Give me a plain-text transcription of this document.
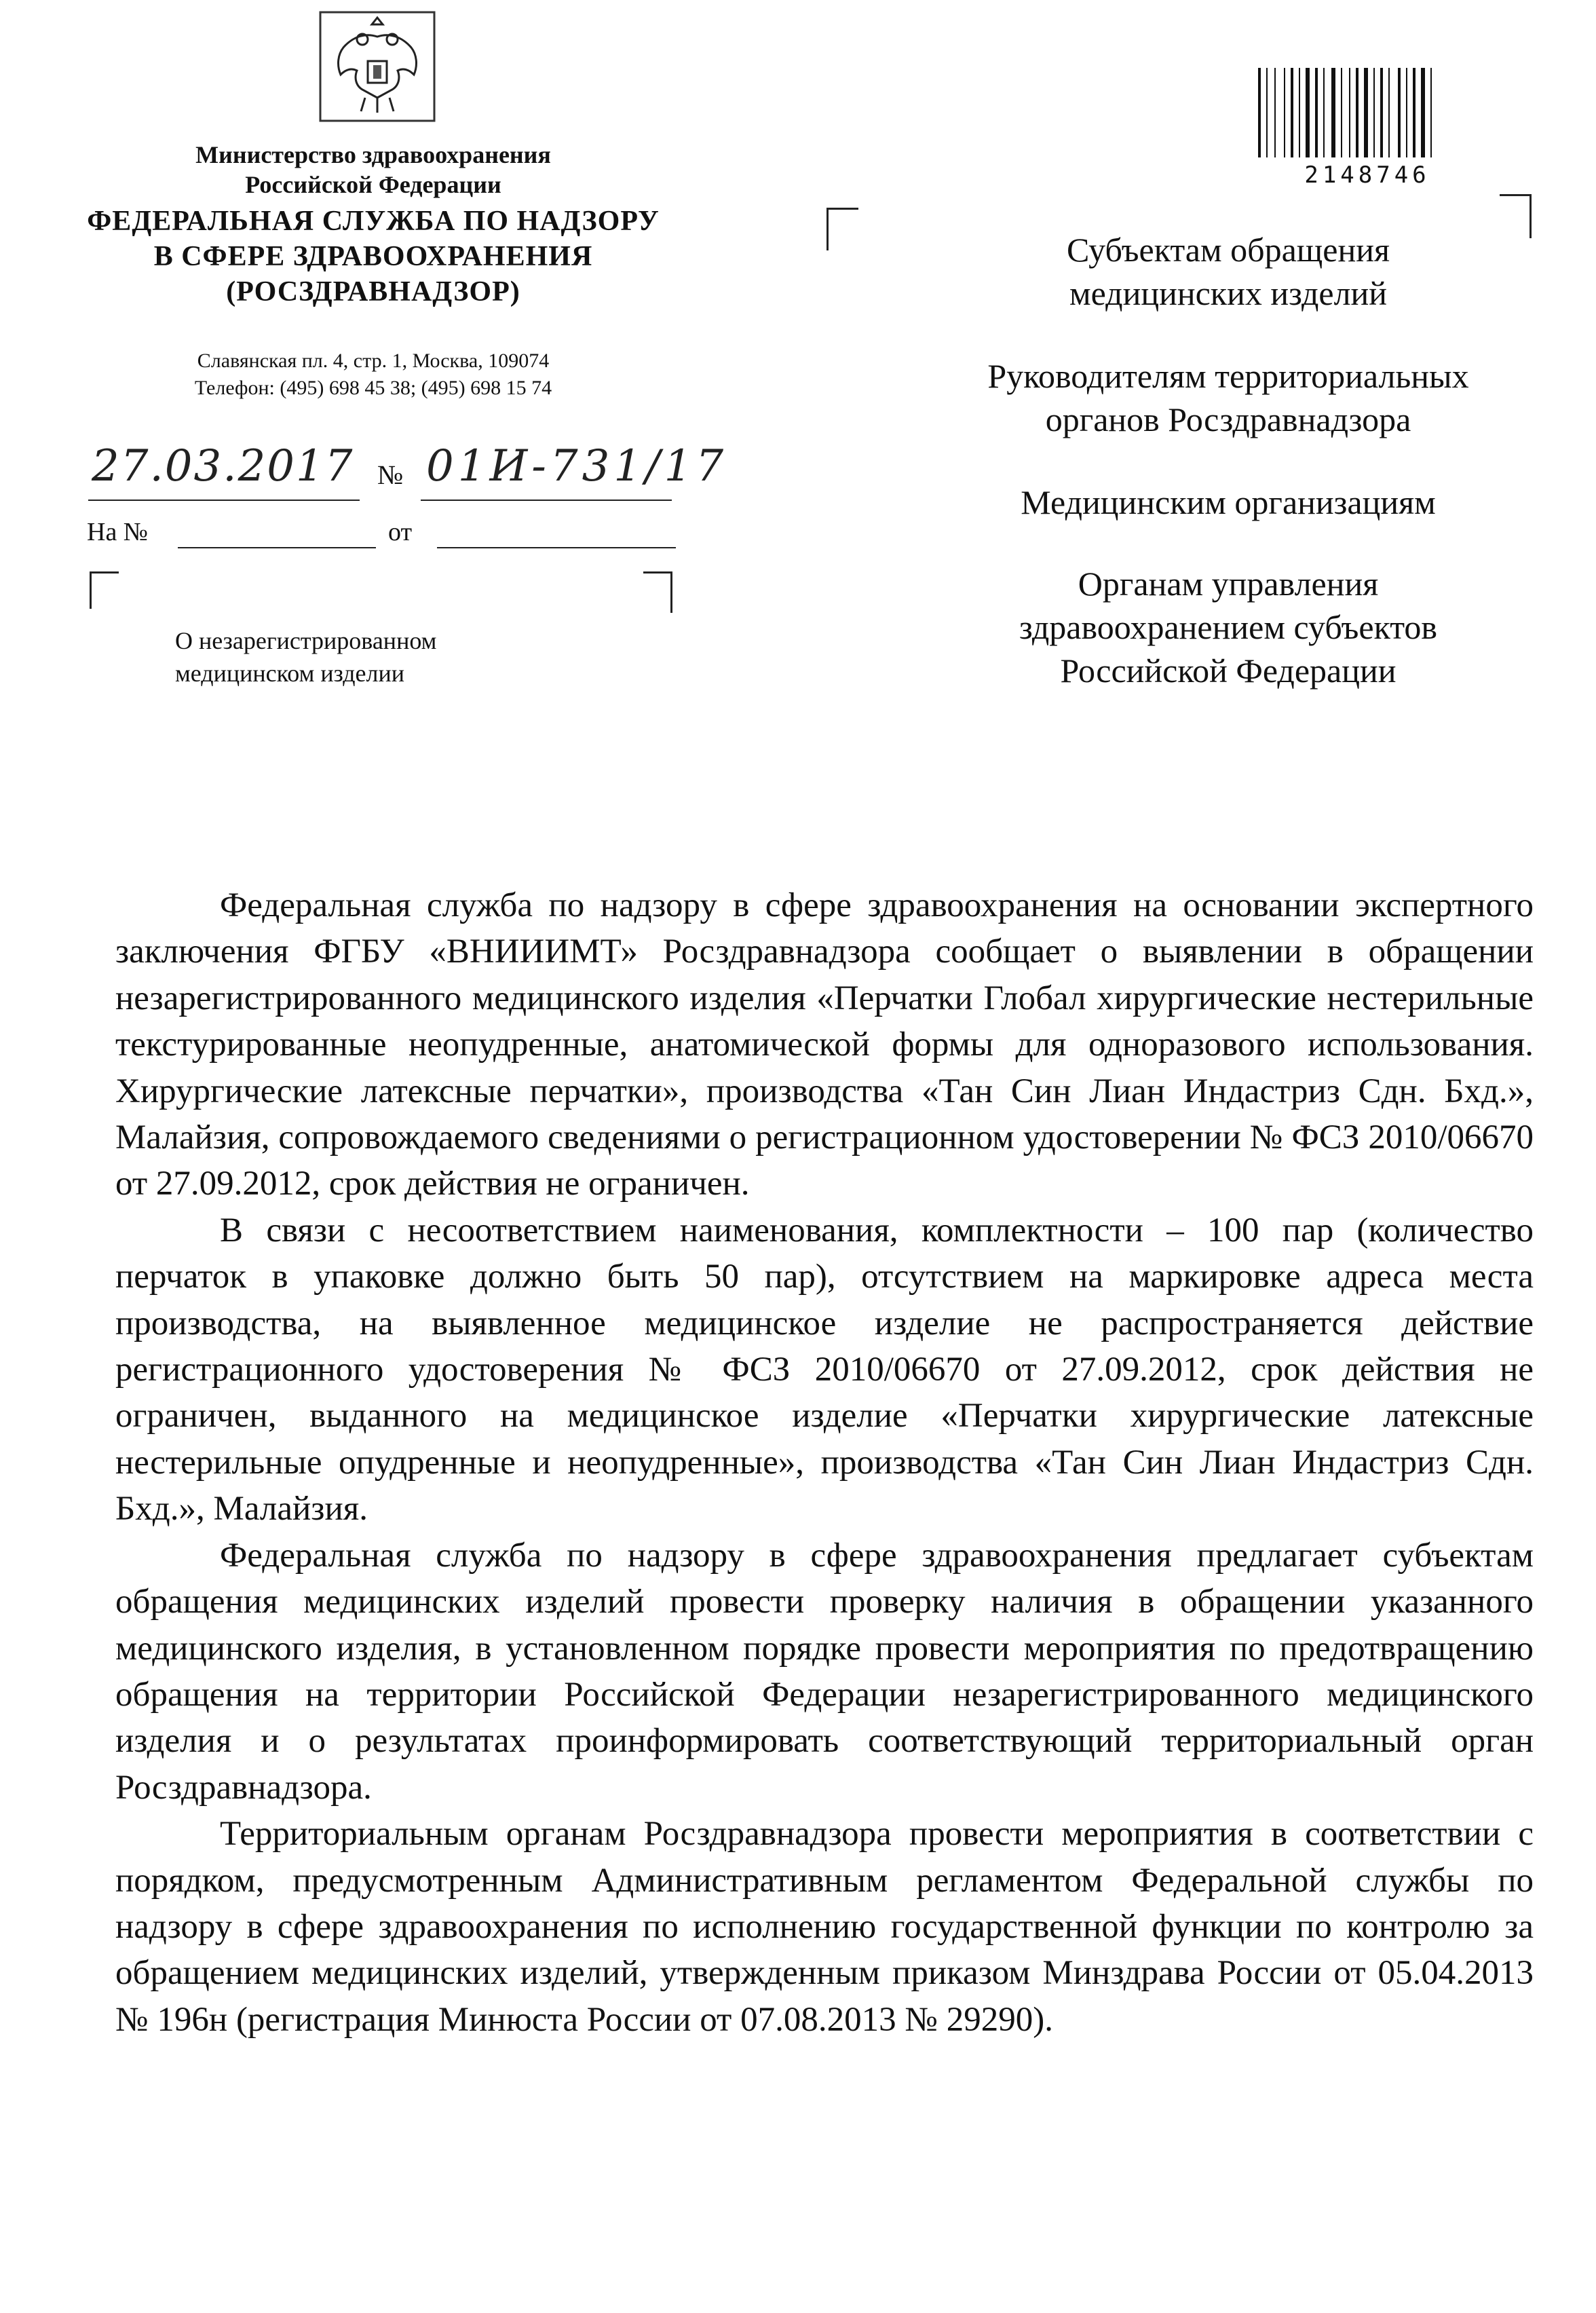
Министерство здравоохранения
Российской Федерации
ФЕДЕРАЛЬНАЯ СЛУЖБА ПО НАДЗОРУ
В СФЕРЕ ЗДРАВООХРАНЕНИЯ
(РОСЗДРАВНАДЗОР)
Славянская пл. 4, стр. 1, Москва, 109074
Телефон: (495) 698 45 38; (495) 698 15 74
27.03.2017 № 01И-731/17
На №	от
О незарегистрированном
медицинском изделии
2148746
Субъектам обращения
медицинских изделий
Руководителям территориальных
органов Росздравнадзора
Медицинским организациям
Органам управления
здравоохранением субъектов
Российской Федерации

Федеральная служба по надзору в сфере здравоохранения на основании экспертного заключения ФГБУ «ВНИИИМТ» Росздравнадзора сообщает о выявлении в обращении незарегистрированного медицинского изделия «Перчатки Глобал хирургические нестерильные текстурированные неопудренные, анатомической формы для одноразового использования. Хирургические латексные перчатки», производства «Тан Син Лиан Индастриз Сдн. Бхд.», Малайзия, сопровождаемого сведениями о регистрационном удостоверении № ФСЗ 2010/06670 от 27.09.2012, срок действия не ограничен.

В связи с несоответствием наименования, комплектности – 100 пар (количество перчаток в упаковке должно быть 50 пар), отсутствием на маркировке адреса места производства, на выявленное медицинское изделие не распространяется действие регистрационного удостоверения № ФСЗ 2010/06670 от 27.09.2012, срок действия не ограничен, выданного на медицинское изделие «Перчатки хирургические латексные нестерильные опудренные и неопудренные», производства «Тан Син Лиан Индастриз Сдн. Бхд.», Малайзия.

Федеральная служба по надзору в сфере здравоохранения предлагает субъектам обращения медицинских изделий провести проверку наличия в обращении указанного медицинского изделия, в установленном порядке провести мероприятия по предотвращению обращения на территории Российской Федерации незарегистрированного медицинского изделия и о результатах проинформировать соответствующий территориальный орган Росздравнадзора.

Территориальным органам Росздравнадзора провести мероприятия в соответствии с порядком, предусмотренным Административным регламентом Федеральной службы по надзору в сфере здравоохранения по исполнению государственной функции по контролю за обращением медицинских изделий, утвержденным приказом Минздрава России от 05.04.2013 № 196н (регистрация Минюста России от 07.08.2013 № 29290).
